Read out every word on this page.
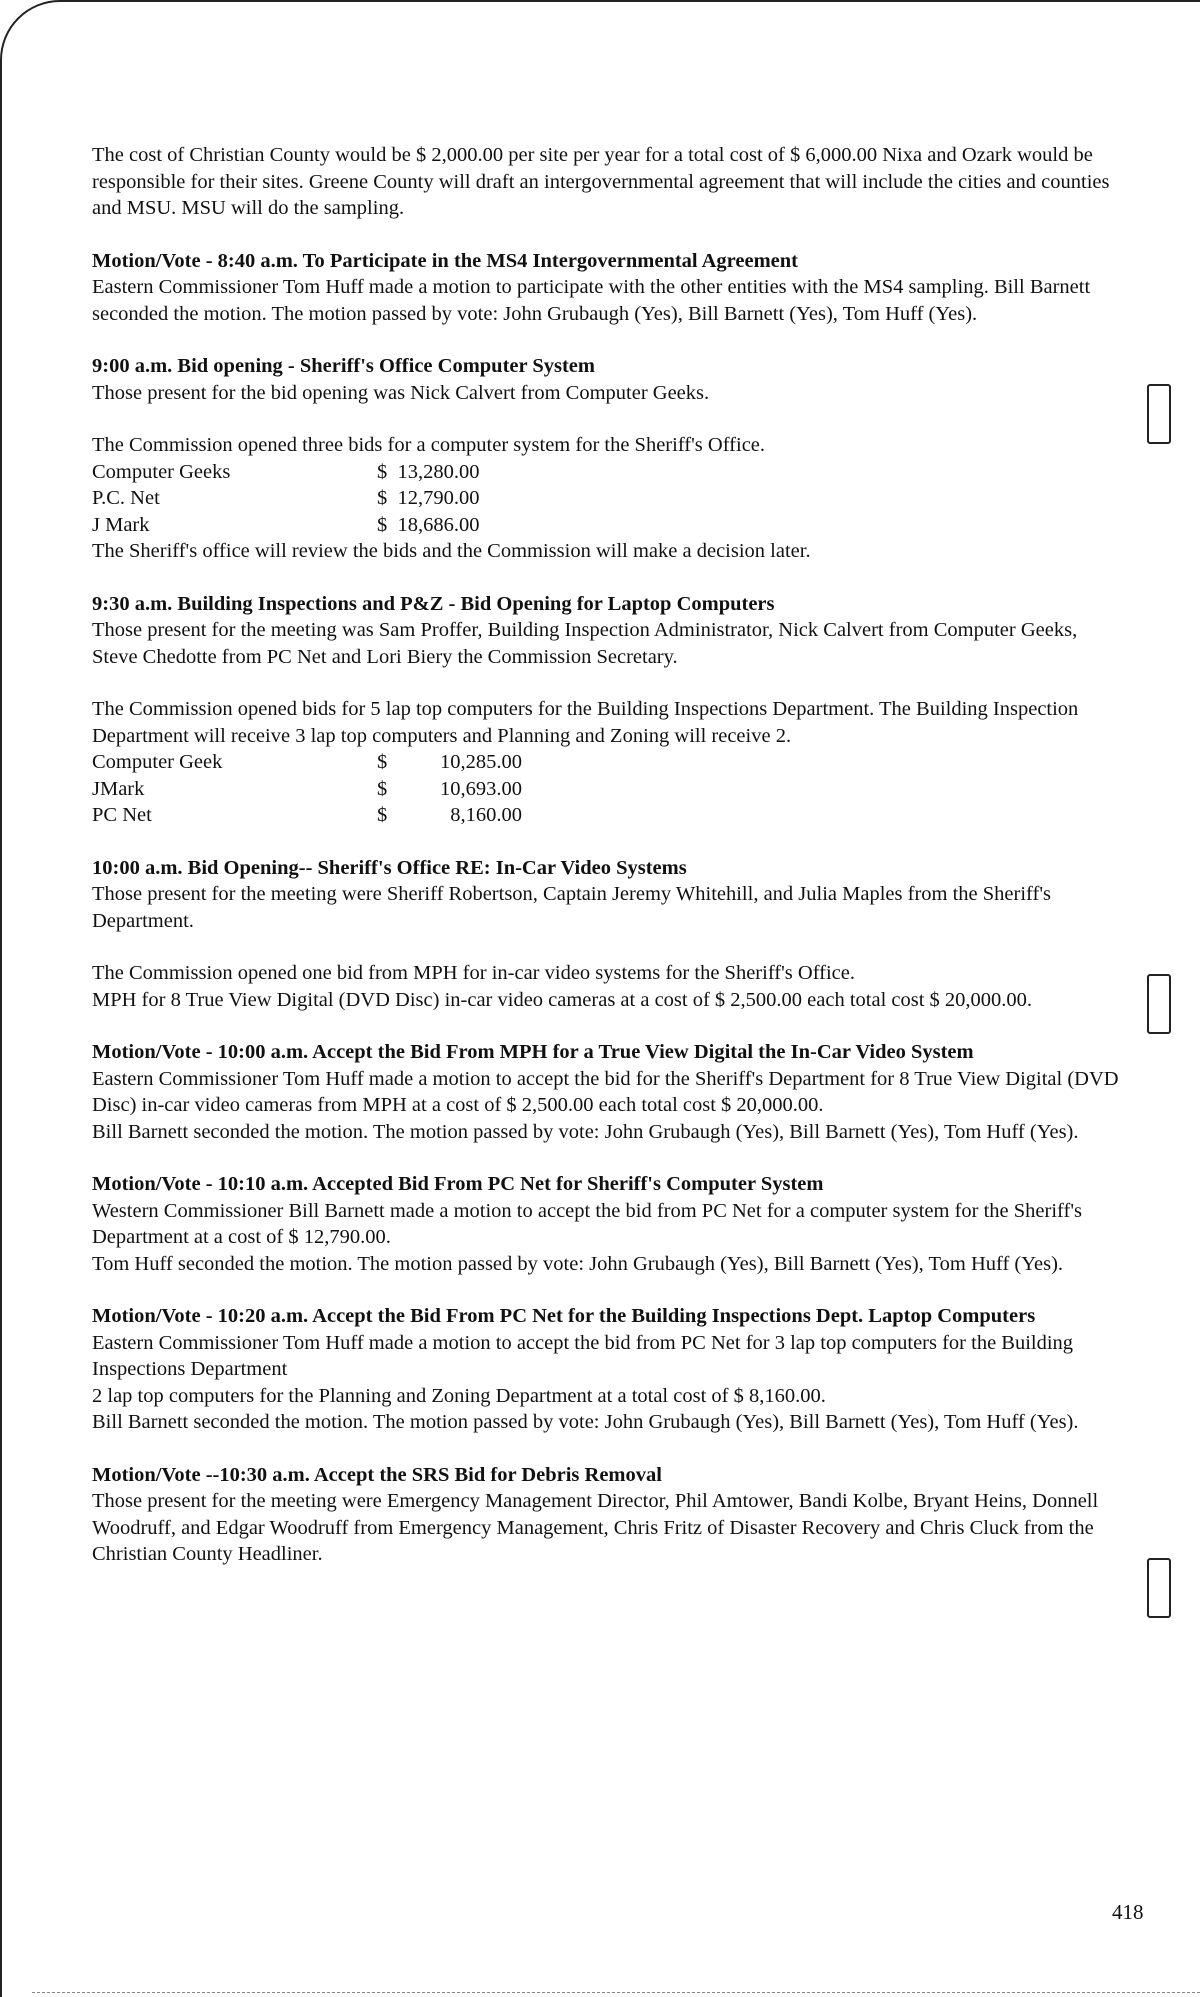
The cost of Christian County would be $ 2,000.00 per site per year for a total cost of $ 6,000.00 Nixa and Ozark would be responsible for their sites. Greene County will draft an intergovernmental agreement that will include the cities and counties and MSU. MSU will do the sampling.

Motion/Vote - 8:40 a.m. To Participate in the MS4 Intergovernmental Agreement

Eastern Commissioner Tom Huff made a motion to participate with the other entities with the MS4 sampling. Bill Barnett seconded the motion. The motion passed by vote: John Grubaugh (Yes), Bill Barnett (Yes), Tom Huff (Yes).

9:00 a.m. Bid opening - Sheriff's Office Computer System

Those present for the bid opening was Nick Calvert from Computer Geeks.

The Commission opened three bids for a computer system for the Sheriff's Office.

Computer Geeks	$  13,280.00
P.C. Net	$  12,790.00
J Mark	$  18,686.00

The Sheriff's office will review the bids and the Commission will make a decision later.

9:30 a.m. Building Inspections and P&Z - Bid Opening for Laptop Computers

Those present for the meeting was Sam Proffer, Building Inspection Administrator, Nick Calvert from Computer Geeks, Steve Chedotte from PC Net and Lori Biery the Commission Secretary.

The Commission opened bids for 5 lap top computers for the Building Inspections Department. The Building Inspection Department will receive 3 lap top computers and Planning and Zoning will receive 2.

Computer Geek	$	10,285.00
JMark	$	10,693.00
PC Net	$	8,160.00

10:00 a.m. Bid Opening-- Sheriff's Office RE: In-Car Video Systems

Those present for the meeting were Sheriff Robertson, Captain Jeremy Whitehill, and Julia Maples from the Sheriff's Department.

The Commission opened one bid from MPH for in-car video systems for the Sheriff's Office.

MPH for 8 True View Digital (DVD Disc) in-car video cameras at a cost of $ 2,500.00 each total cost $ 20,000.00.

Motion/Vote - 10:00 a.m. Accept the Bid From MPH for a True View Digital the In-Car Video System

Eastern Commissioner Tom Huff made a motion to accept the bid for the Sheriff's Department for 8 True View Digital (DVD Disc) in-car video cameras from MPH at a cost of $ 2,500.00 each total cost $ 20,000.00.

Bill Barnett seconded the motion. The motion passed by vote: John Grubaugh (Yes), Bill Barnett (Yes), Tom Huff (Yes).

Motion/Vote - 10:10 a.m. Accepted Bid From PC Net for Sheriff's Computer System

Western Commissioner Bill Barnett made a motion to accept the bid from PC Net for a computer system for the Sheriff's Department at a cost of $ 12,790.00.

Tom Huff seconded the motion. The motion passed by vote: John Grubaugh (Yes), Bill Barnett (Yes), Tom Huff (Yes).

Motion/Vote - 10:20 a.m. Accept the Bid From PC Net for the Building Inspections Dept. Laptop Computers

Eastern Commissioner Tom Huff made a motion to accept the bid from PC Net for 3 lap top computers for the Building Inspections Department

2 lap top computers for the Planning and Zoning Department at a total cost of $ 8,160.00.

Bill Barnett seconded the motion. The motion passed by vote: John Grubaugh (Yes), Bill Barnett (Yes), Tom Huff (Yes).

Motion/Vote --10:30 a.m. Accept the SRS Bid for Debris Removal

Those present for the meeting were Emergency Management Director, Phil Amtower, Bandi Kolbe, Bryant Heins, Donnell Woodruff, and Edgar Woodruff from Emergency Management, Chris Fritz of Disaster Recovery and Chris Cluck from the Christian County Headliner.

418
